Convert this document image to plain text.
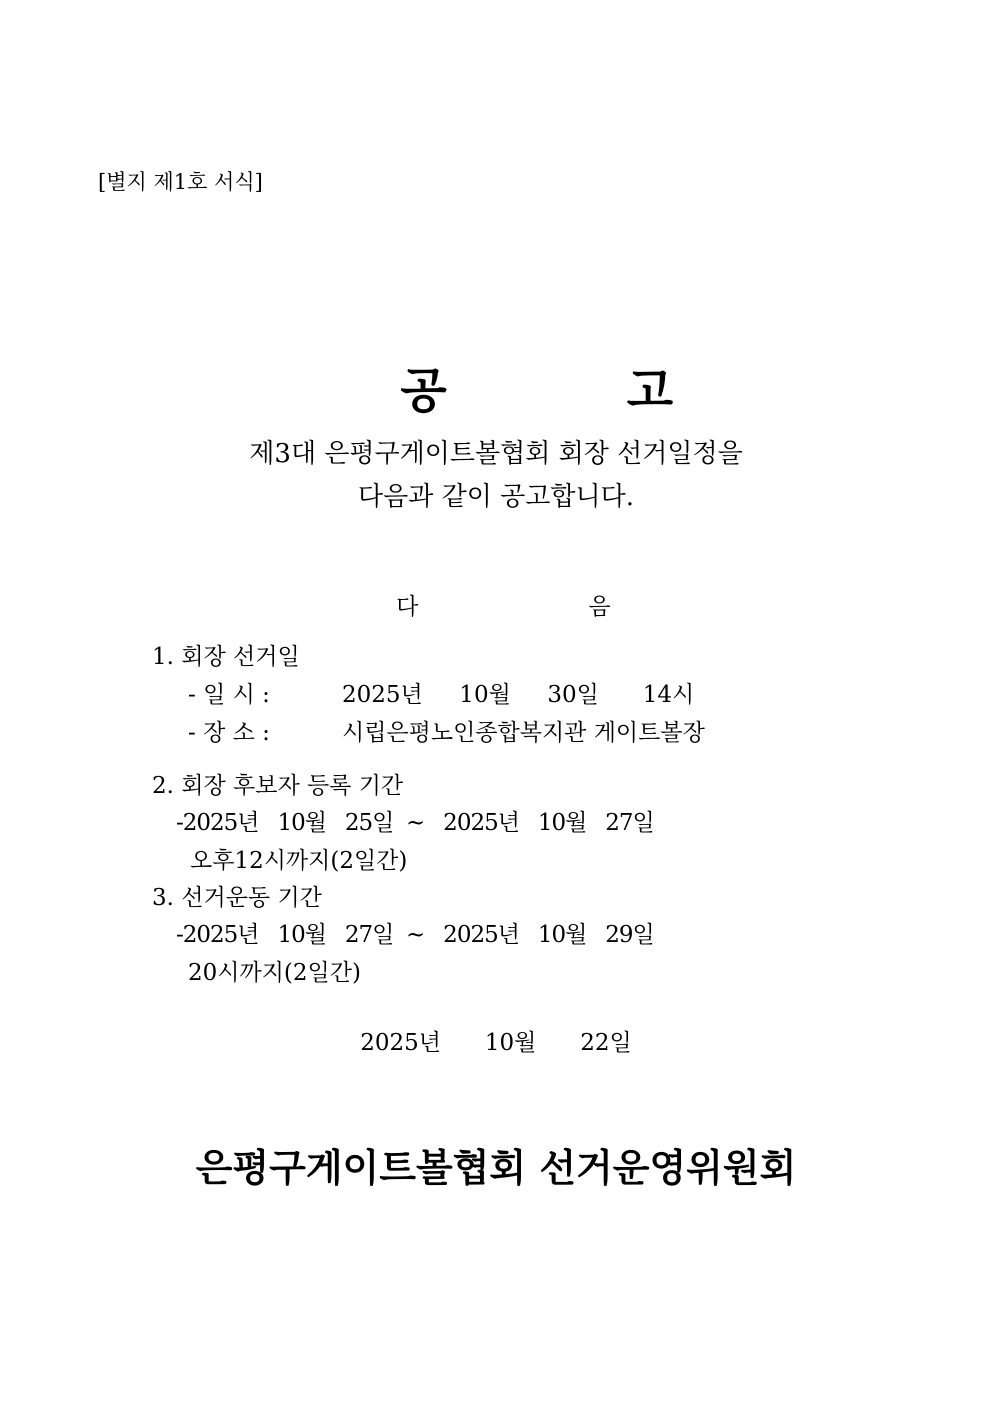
[별지 제1호 서식]

공	고

제3대 은평구게이트볼협회 회장 선거일정을
다음과 같이 공고합니다.

다	음

1. 회장 선거일
- 일 시 :	2025년     10월     30일      14시
- 장 소 :	시립은평노인종합복지관 게이트볼장
2. 회장 후보자 등록 기간
-2025년   10월   25일  ~   2025년   10월   27일
오후12시까지(2일간)
3. 선거운동 기간
-2025년   10월   27일  ~   2025년   10월   29일
20시까지(2일간)
2025년      10월      22일
은평구게이트볼협회 선거운영위원회
